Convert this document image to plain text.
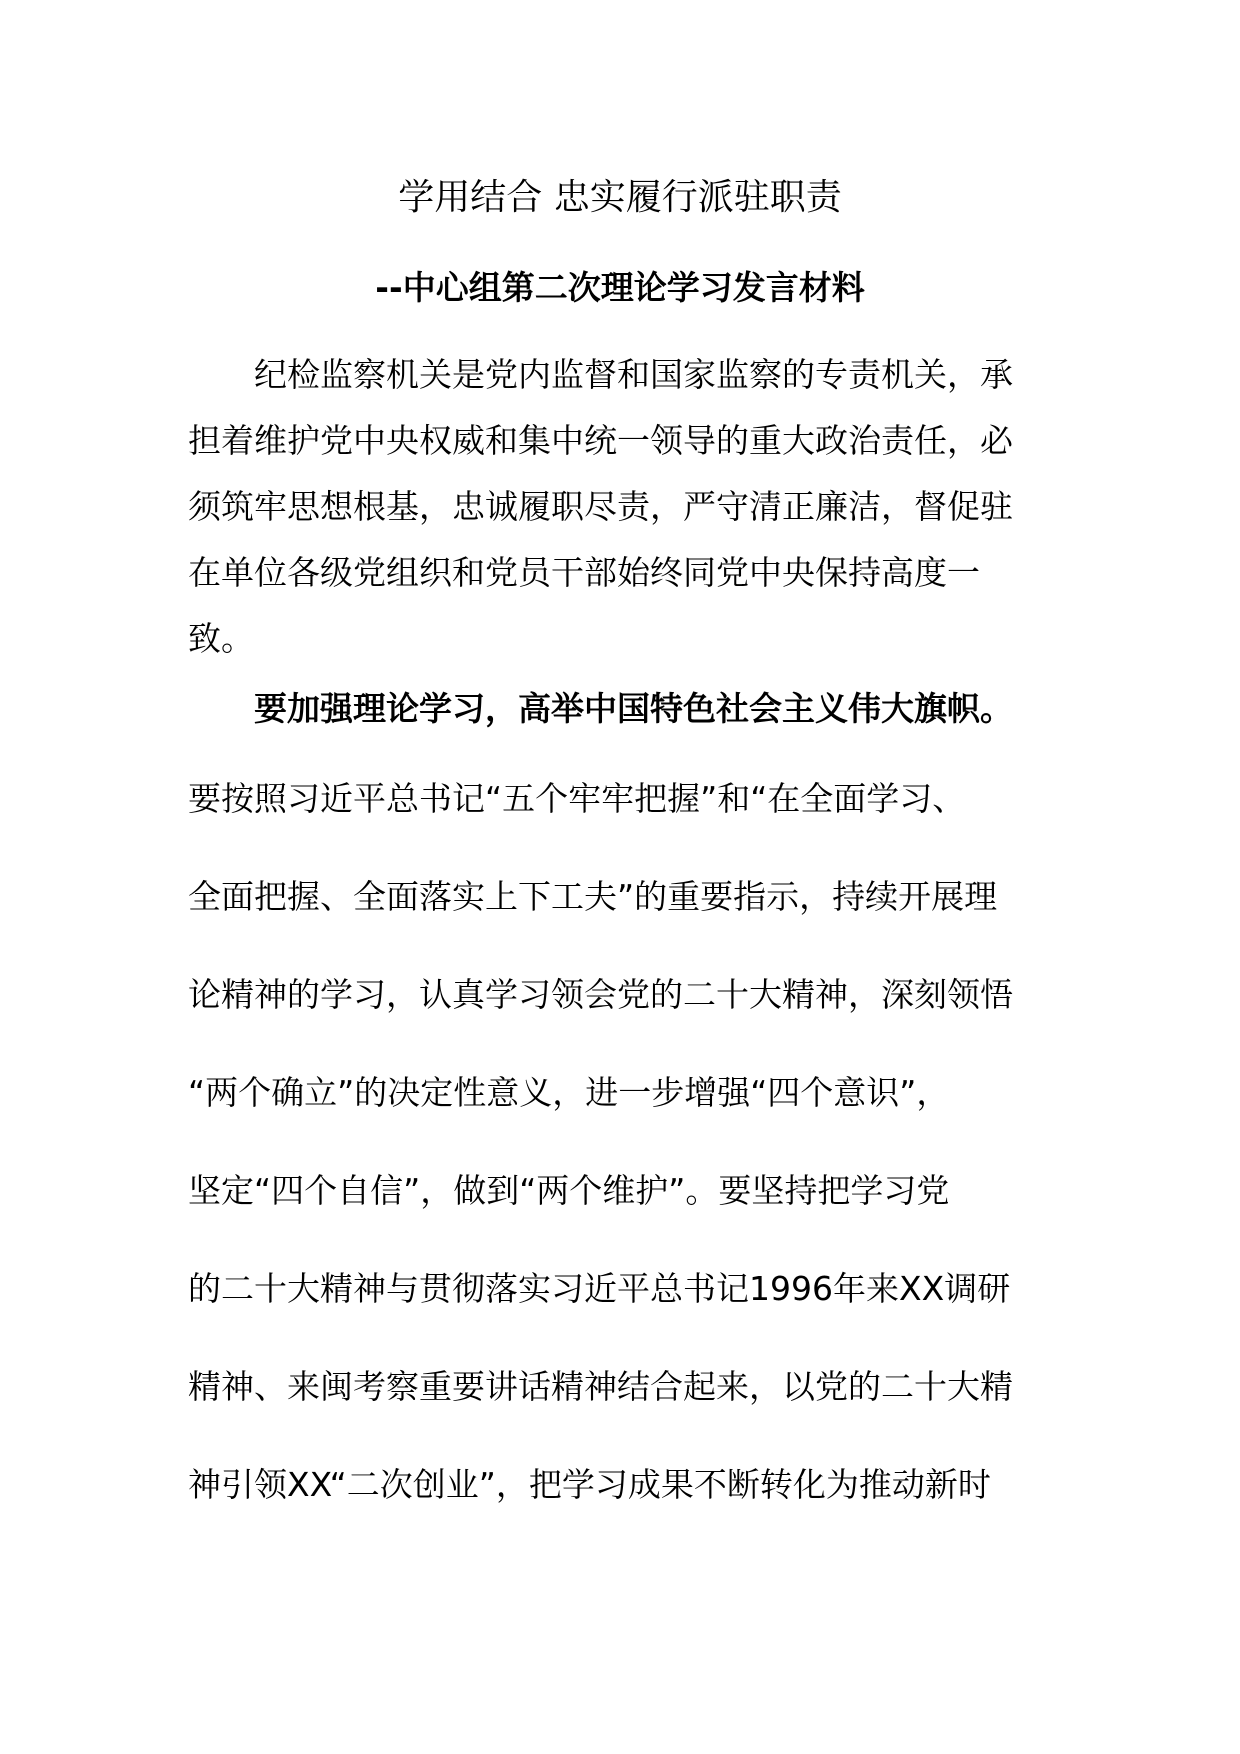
学用结合 忠实履行派驻职责
--中心组第二次理论学习发言材料

　　纪检监察机关是党内监督和国家监察的专责机关，承

担着维护党中央权威和集中统一领导的重大政治责任，必

须筑牢思想根基，忠诚履职尽责，严守清正廉洁，督促驻

在单位各级党组织和党员干部始终同党中央保持高度一

致。

　　要加强理论学习，高举中国特色社会主义伟大旗帜。

要按照习近平总书记“五个牢牢把握”和“在全面学习、

全面把握、全面落实上下工夫”的重要指示，持续开展理

论精神的学习，认真学习领会党的二十大精神，深刻领悟

“两个确立”的决定性意义，进一步增强“四个意识”，

坚定“四个自信”，做到“两个维护”。要坚持把学习党

的二十大精神与贯彻落实习近平总书记1996年来XX调研

精神、来闽考察重要讲话精神结合起来，以党的二十大精

神引领XX“二次创业”，把学习成果不断转化为推动新时
